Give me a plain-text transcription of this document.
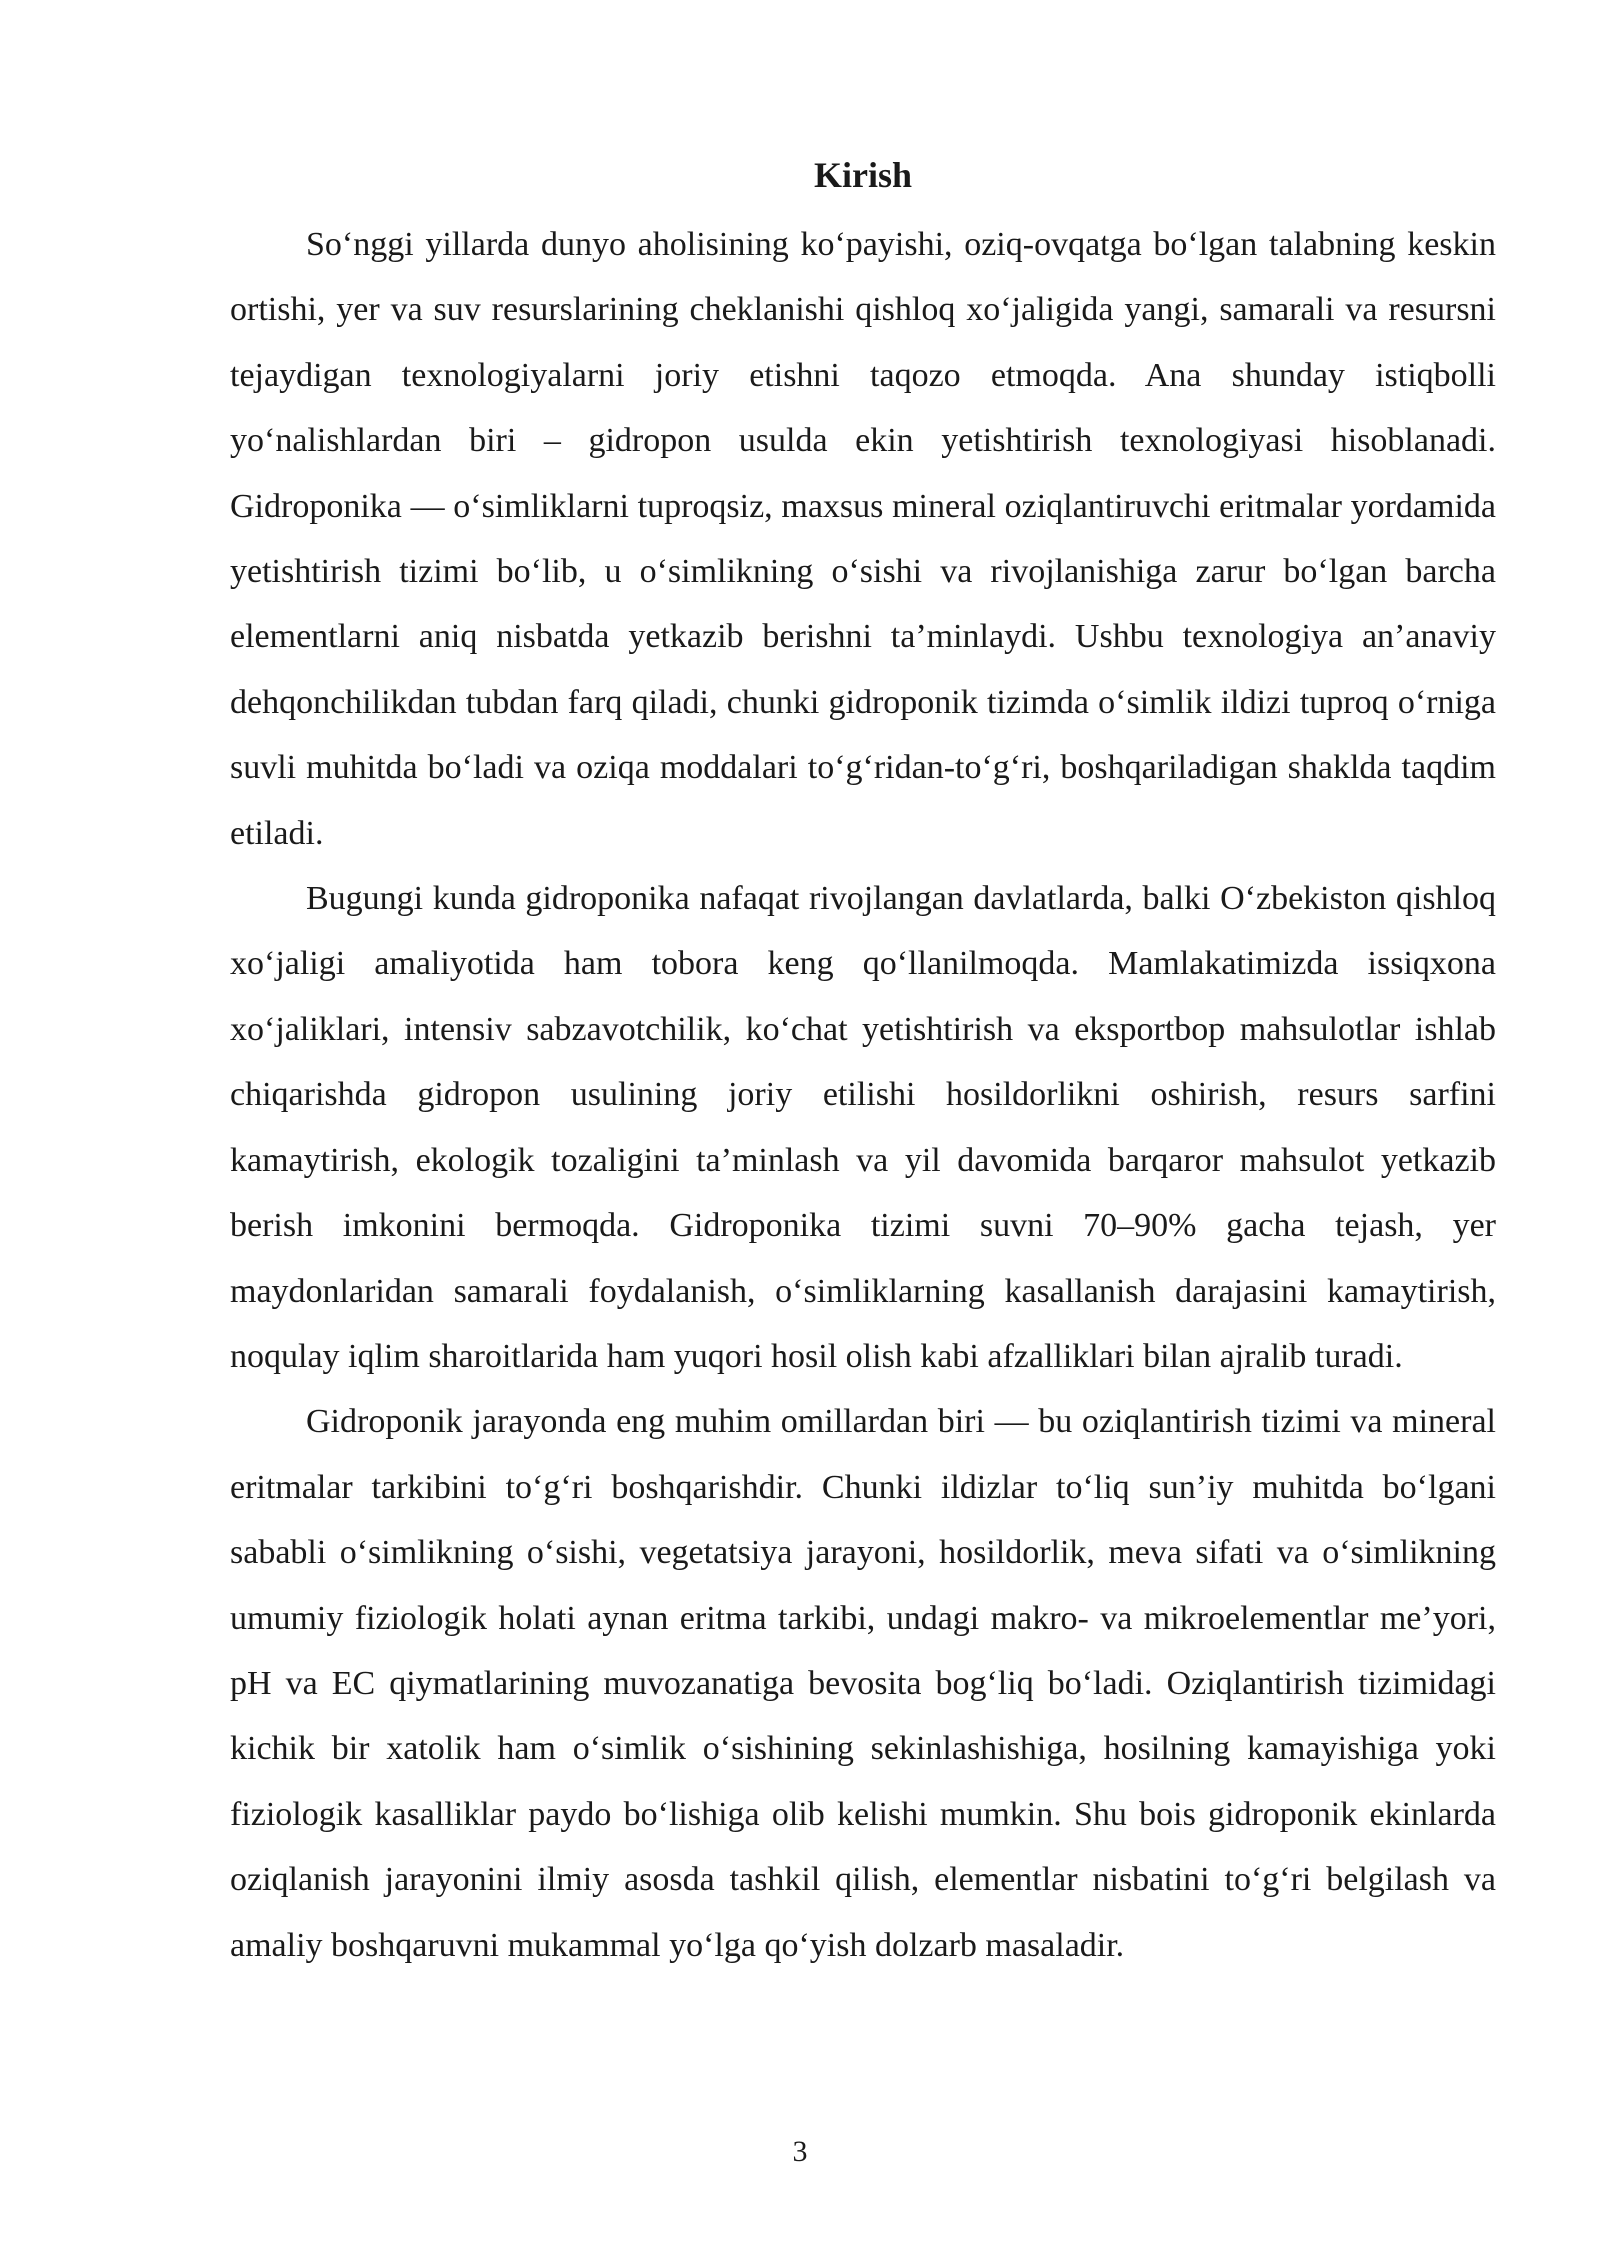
Kirish

So‘nggi yillarda dunyo aholisining ko‘payishi, oziq-ovqatga bo‘lgan talabning keskin ortishi, yer va suv resurslarining cheklanishi qishloq xo‘jaligida yangi, samarali va resursni tejaydigan texnologiyalarni joriy etishni taqozo etmoqda. Ana shunday istiqbolli yo‘nalishlardan biri – gidropon usulda ekin yetishtirish texnologiyasi hisoblanadi. Gidroponika — o‘simliklarni tuproqsiz, maxsus mineral oziqlantiruvchi eritmalar yordamida yetishtirish tizimi bo‘lib, u o‘simlikning o‘sishi va rivojlanishiga zarur bo‘lgan barcha elementlarni aniq nisbatda yetkazib berishni ta’minlaydi. Ushbu texnologiya an’anaviy dehqonchilikdan tubdan farq qiladi, chunki gidroponik tizimda o‘simlik ildizi tuproq o‘rniga suvli muhitda bo‘ladi va oziqa moddalari to‘g‘ridan-to‘g‘ri, boshqariladigan shaklda taqdim etiladi.

Bugungi kunda gidroponika nafaqat rivojlangan davlatlarda, balki O‘zbekiston qishloq xo‘jaligi amaliyotida ham tobora keng qo‘llanilmoqda. Mamlakatimizda issiqxona xo‘jaliklari, intensiv sabzavotchilik, ko‘chat yetishtirish va eksportbop mahsulotlar ishlab chiqarishda gidropon usulining joriy etilishi hosildorlikni oshirish, resurs sarfini kamaytirish, ekologik tozaligini ta’minlash va yil davomida barqaror mahsulot yetkazib berish imkonini bermoqda. Gidroponika tizimi suvni 70–90% gacha tejash, yer maydonlaridan samarali foydalanish, o‘simliklarning kasallanish darajasini kamaytirish, noqulay iqlim sharoitlarida ham yuqori hosil olish kabi afzalliklari bilan ajralib turadi.

Gidroponik jarayonda eng muhim omillardan biri — bu oziqlantirish tizimi va mineral eritmalar tarkibini to‘g‘ri boshqarishdir. Chunki ildizlar to‘liq sun’iy muhitda bo‘lgani sababli o‘simlikning o‘sishi, vegetatsiya jarayoni, hosildorlik, meva sifati va o‘simlikning umumiy fiziologik holati aynan eritma tarkibi, undagi makro- va mikroelementlar me’yori, pH va EC qiymatlarining muvozanatiga bevosita bog‘liq bo‘ladi. Oziqlantirish tizimidagi kichik bir xatolik ham o‘simlik o‘sishining sekinlashishiga, hosilning kamayishiga yoki fiziologik kasalliklar paydo bo‘lishiga olib kelishi mumkin. Shu bois gidroponik ekinlarda oziqlanish jarayonini ilmiy asosda tashkil qilish, elementlar nisbatini to‘g‘ri belgilash va amaliy boshqaruvni mukammal yo‘lga qo‘yish dolzarb masaladir.

3
